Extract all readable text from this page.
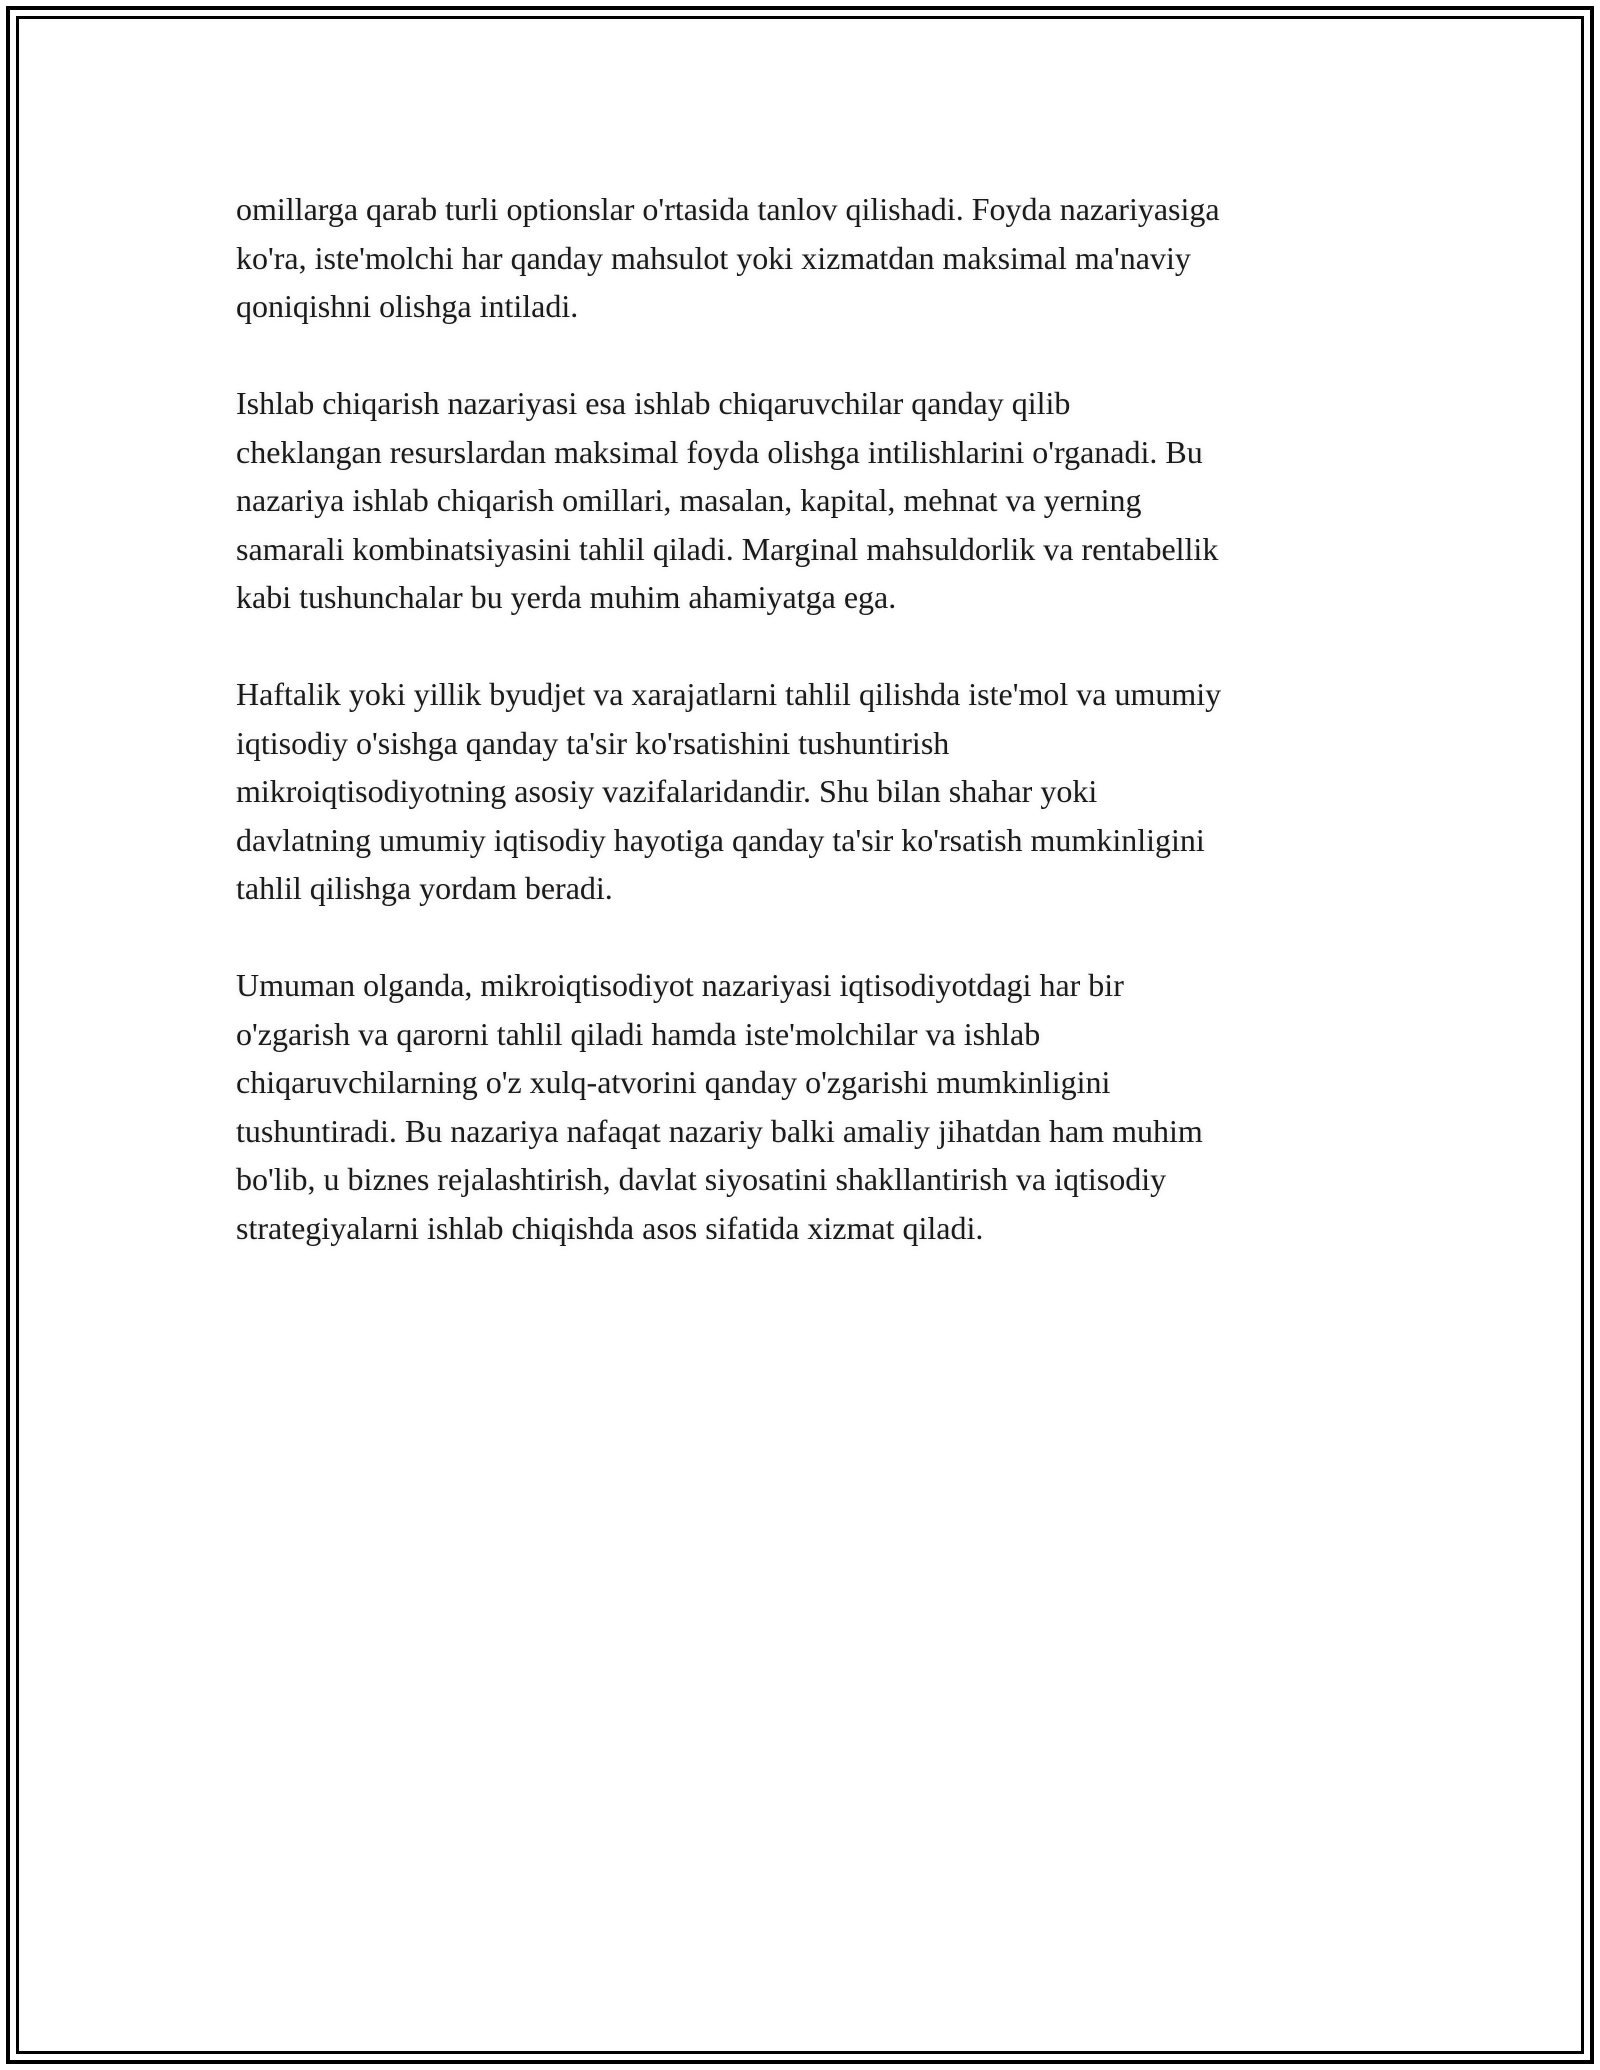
omillarga qarab turli optionslar o'rtasida tanlov qilishadi. Foyda nazariyasiga
ko'ra, iste'molchi har qanday mahsulot yoki xizmatdan maksimal ma'naviy
qoniqishni olishga intiladi.

Ishlab chiqarish nazariyasi esa ishlab chiqaruvchilar qanday qilib
cheklangan resurslardan maksimal foyda olishga intilishlarini o'rganadi. Bu
nazariya ishlab chiqarish omillari, masalan, kapital, mehnat va yerning
samarali kombinatsiyasini tahlil qiladi. Marginal mahsuldorlik va rentabellik
kabi tushunchalar bu yerda muhim ahamiyatga ega.

Haftalik yoki yillik byudjet va xarajatlarni tahlil qilishda iste'mol va umumiy
iqtisodiy o'sishga qanday ta'sir ko'rsatishini tushuntirish
mikroiqtisodiyotning asosiy vazifalaridandir. Shu bilan shahar yoki
davlatning umumiy iqtisodiy hayotiga qanday ta'sir ko'rsatish mumkinligini
tahlil qilishga yordam beradi.

Umuman olganda, mikroiqtisodiyot nazariyasi iqtisodiyotdagi har bir
o'zgarish va qarorni tahlil qiladi hamda iste'molchilar va ishlab
chiqaruvchilarning o'z xulq-atvorini qanday o'zgarishi mumkinligini
tushuntiradi. Bu nazariya nafaqat nazariy balki amaliy jihatdan ham muhim
bo'lib, u biznes rejalashtirish, davlat siyosatini shakllantirish va iqtisodiy
strategiyalarni ishlab chiqishda asos sifatida xizmat qiladi.
